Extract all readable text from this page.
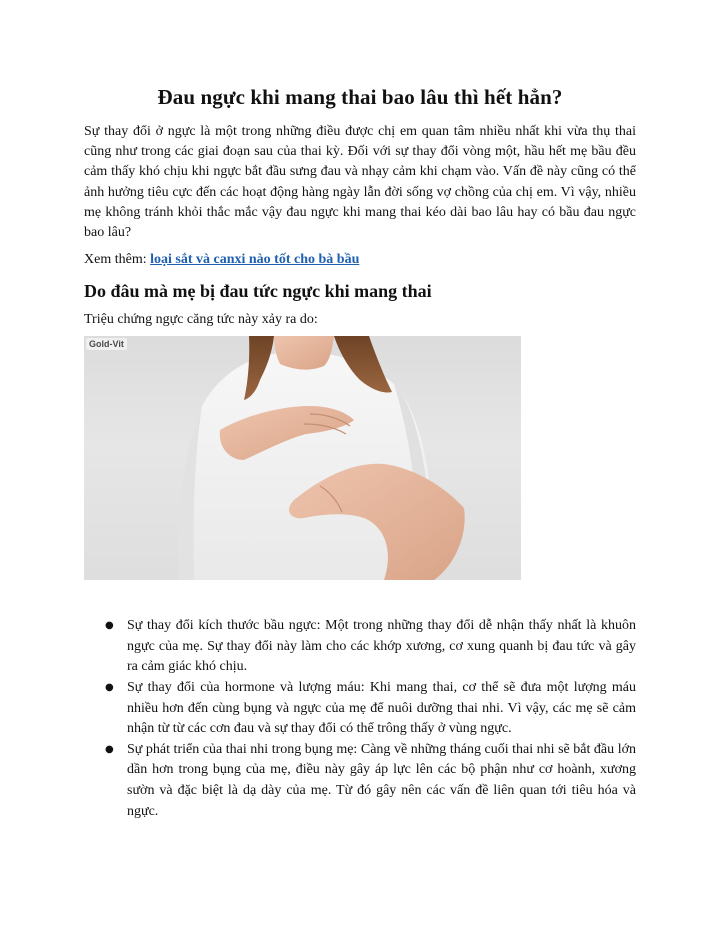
Đau ngực khi mang thai bao lâu thì hết hẳn?

Sự thay đổi ở ngực là một trong những điều được chị em quan tâm nhiều nhất khi vừa thụ thai cũng như trong các giai đoạn sau của thai kỳ. Đối với sự thay đổi vòng một, hầu hết mẹ bầu đều cảm thấy khó chịu khi ngực bắt đầu sưng đau và nhạy cảm khi chạm vào. Vấn đề này cũng có thể ảnh hưởng tiêu cực đến các hoạt động hàng ngày lẫn đời sống vợ chồng của chị em. Vì vậy, nhiều mẹ không tránh khỏi thắc mắc vậy đau ngực khi mang thai kéo dài bao lâu hay có bầu đau ngực bao lâu?

Xem thêm: loại sắt và canxi nào tốt cho bà bầu

Do đâu mà mẹ bị đau tức ngực khi mang thai

Triệu chứng ngực căng tức này xảy ra do:

Gold-Vit
● Sự thay đổi kích thước bầu ngực: Một trong những thay đổi dễ nhận thấy nhất là khuôn ngực của mẹ. Sự thay đổi này làm cho các khớp xương, cơ xung quanh bị đau tức và gây ra cảm giác khó chịu.
● Sự thay đổi của hormone và lượng máu: Khi mang thai, cơ thể sẽ đưa một lượng máu nhiều hơn đến cùng bụng và ngực của mẹ để nuôi dưỡng thai nhi. Vì vậy, các mẹ sẽ cảm nhận từ từ các cơn đau và sự thay đổi có thể trông thấy ở vùng ngực.
● Sự phát triển của thai nhi trong bụng mẹ: Càng về những tháng cuối thai nhi sẽ bắt đầu lớn dần hơn trong bụng của mẹ, điều này gây áp lực lên các bộ phận như cơ hoành, xương sườn và đặc biệt là dạ dày của mẹ. Từ đó gây nên các vấn đề liên quan tới tiêu hóa và ngực.
